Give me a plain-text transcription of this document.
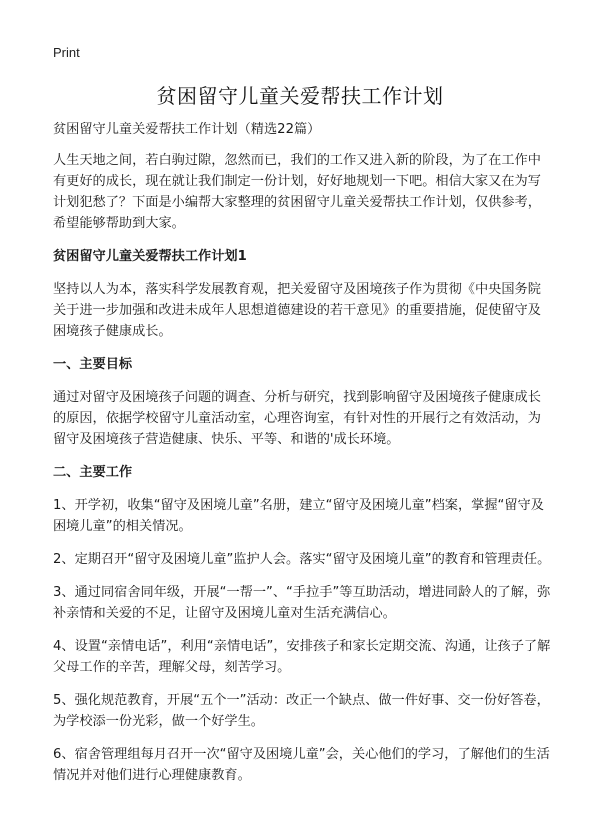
Print
贫困留守儿童关爱帮扶工作计划

贫困留守儿童关爱帮扶工作计划（精选22篇）

人生天地之间，若白驹过隙，忽然而已，我们的工作又进入新的阶段，为了在工作中有更好的成长，现在就让我们制定一份计划，好好地规划一下吧。相信大家又在为写计划犯愁了？下面是小编帮大家整理的贫困留守儿童关爱帮扶工作计划，仅供参考，希望能够帮助到大家。

贫困留守儿童关爱帮扶工作计划1

坚持以人为本，落实科学发展教育观，把关爱留守及困境孩子作为贯彻《中央国务院关于进一步加强和改进未成年人思想道德建设的若干意见》的重要措施，促使留守及困境孩子健康成长。

一、主要目标

通过对留守及困境孩子问题的调查、分析与研究，找到影响留守及困境孩子健康成长的原因，依据学校留守儿童活动室，心理咨询室，有针对性的开展行之有效活动，为留守及困境孩子营造健康、快乐、平等、和谐的'成长环境。

二、主要工作

1、开学初，收集“留守及困境儿童”名册，建立“留守及困境儿童”档案，掌握“留守及困境儿童”的相关情况。

2、定期召开“留守及困境儿童”监护人会。落实“留守及困境儿童”的教育和管理责任。

3、通过同宿舍同年级，开展“一帮一”、“手拉手”等互助活动，增进同龄人的了解，弥补亲情和关爱的不足，让留守及困境儿童对生活充满信心。

4、设置“亲情电话”，利用“亲情电话”，安排孩子和家长定期交流、沟通，让孩子了解父母工作的辛苦，理解父母，刻苦学习。

5、强化规范教育，开展“五个一”活动：改正一个缺点、做一件好事、交一份好答卷，为学校添一份光彩，做一个好学生。

6、宿舍管理组每月召开一次“留守及困境儿童”会，关心他们的学习，了解他们的生活情况并对他们进行心理健康教育。
